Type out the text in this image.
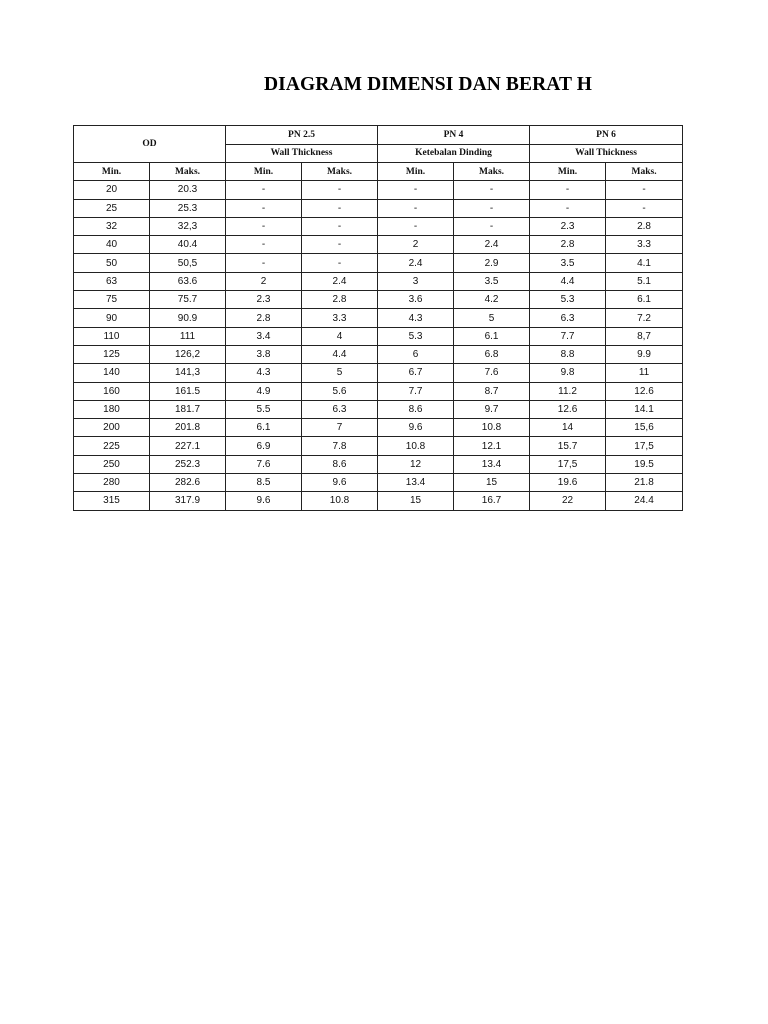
DIAGRAM DIMENSI DAN BERAT H
OD		PN 2.5		PN 4		PN 6	
		Wall Thickness		Ketebalan Dinding		Wall Thickness	
Min.	Maks.	Min.	Maks.	Min.	Maks.	Min.	Maks.
20	20.3	-	-	-	-	-	-
25	25.3	-	-	-	-	-	-
32	32,3	-	-	-	-	2.3	2.8
40	40.4	-	-	2	2.4	2.8	3.3
50	50,5	-	-	2.4	2.9	3.5	4.1
63	63.6	2	2.4	3	3.5	4.4	5.1
75	75.7	2.3	2.8	3.6	4.2	5.3	6.1
90	90.9	2.8	3.3	4.3	5	6.3	7.2
110	111	3.4	4	5.3	6.1	7.7	8,7
125	126,2	3.8	4.4	6	6.8	8.8	9.9
140	141,3	4.3	5	6.7	7.6	9.8	11
160	161.5	4.9	5.6	7.7	8.7	11.2	12.6
180	181.7	5.5	6.3	8.6	9.7	12.6	14.1
200	201.8	6.1	7	9.6	10.8	14	15,6
225	227.1	6.9	7.8	10.8	12.1	15.7	17,5
250	252.3	7.6	8.6	12	13.4	17,5	19.5
280	282.6	8.5	9.6	13.4	15	19.6	21.8
315	317.9	9.6	10.8	15	16.7	22	24.4
